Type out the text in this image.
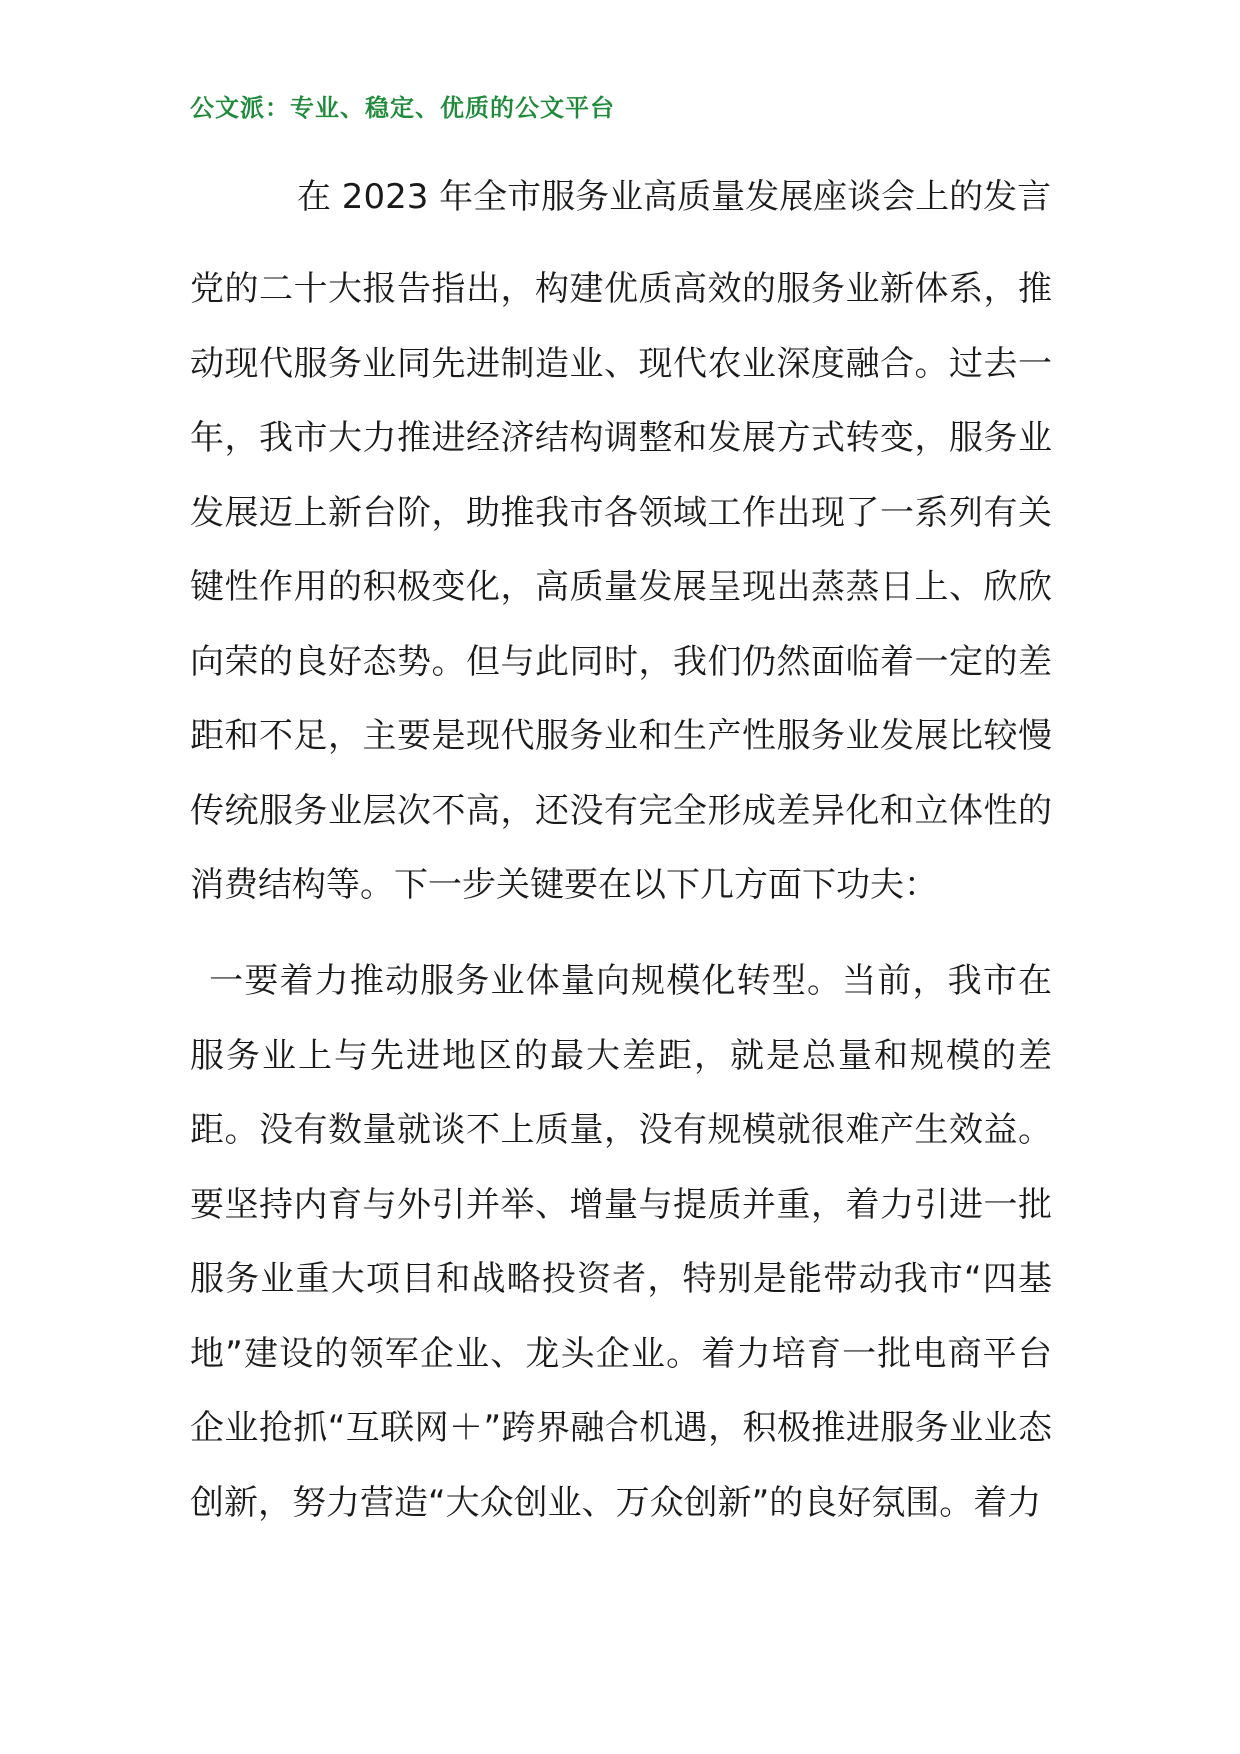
公文派：专业、稳定、优质的公文平台
在 2023 年全市服务业高质量发展座谈会上的发言
党的二十大报告指出，构建优质高效的服务业新体系，推动现代服务业同先进制造业、现代农业深度融合。过去一年，我市大力推进经济结构调整和发展方式转变，服务业发展迈上新台阶，助推我市各领域工作出现了一系列有关键性作用的积极变化，高质量发展呈现出蒸蒸日上、欣欣向荣的良好态势。但与此同时，我们仍然面临着一定的差距和不足，主要是现代服务业和生产性服务业发展比较慢传统服务业层次不高，还没有完全形成差异化和立体性的消费结构等。下一步关键要在以下几方面下功夫：
一要着力推动服务业体量向规模化转型。当前，我市在服务业上与先进地区的最大差距，就是总量和规模的差距。没有数量就谈不上质量，没有规模就很难产生效益。要坚持内育与外引并举、增量与提质并重，着力引进一批服务业重大项目和战略投资者，特别是能带动我市“四基地”建设的领军企业、龙头企业。着力培育一批电商平台企业抢抓“互联网＋”跨界融合机遇，积极推进服务业业态创新，努力营造“大众创业、万众创新”的良好氛围。着力
